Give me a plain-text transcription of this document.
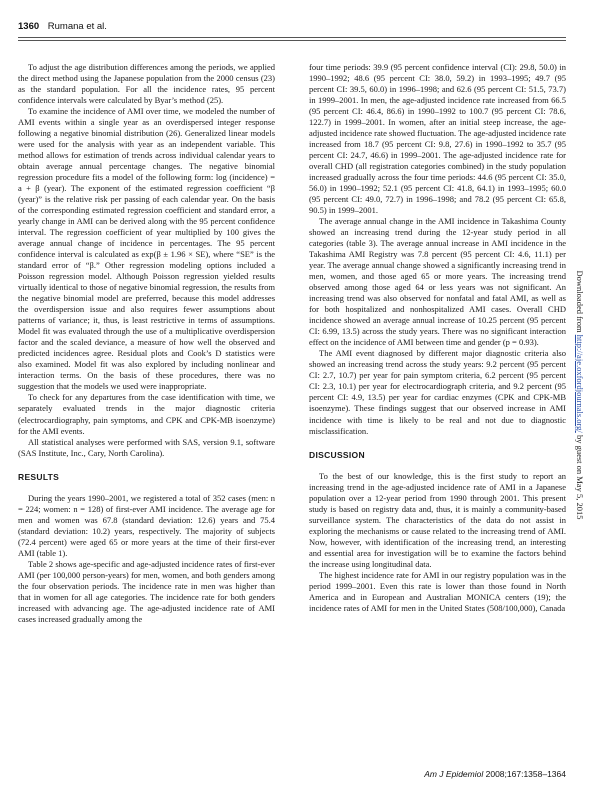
1360 Rumana et al.

To adjust the age distribution differences among the periods, we applied the direct method using the Japanese population from the 2000 census (23) as the standard population. For all the incidence rates, 95 percent confidence intervals were calculated by Byar’s method (25).

To examine the incidence of AMI over time, we modeled the number of AMI events within a single year as an overdispersed integer response following a negative binomial distribution (26). Generalized linear models were used for the analysis with year as an independent variable. This method allows for estimation of trends across individual calendar years to obtain average annual percentage changes. The negative binomial regression procedure fits a model of the following form: log (incidence) = a + β (year). The exponent of the estimated regression coefficient “β (year)” is the relative risk per passing of each calendar year. On the basis of the corresponding estimated regression coefficient and standard error, a yearly change in AMI can be derived along with the 95 percent confidence interval. The regression coefficient of year multiplied by 100 gives the average annual change of incidence in percentages. The 95 percent confidence interval is calculated as exp(β ± 1.96 × SE), where “SE” is the standard error of “β.” Other regression modeling options included a Poisson regression model. Although Poisson regression yielded results virtually identical to those of negative binomial regression, the results from the negative binomial model are preferred, because this model addresses the overdispersion issue and also requires fewer assumptions about patterns of variance; it, thus, is least restrictive in terms of assumptions. Model fit was evaluated through the use of a multiplicative overdispersion factor and the scaled deviance, a measure of how well the observed and predicted incidences agree. Residual plots and Cook’s D statistics were also examined. Model fit was also explored by including nonlinear and interaction terms. On the basis of these procedures, there was no suggestion that the models we used were inappropriate.

To check for any departures from the case identification with time, we separately evaluated trends in the major diagnostic criteria (electrocardiography, pain symptoms, and CPK and CPK-MB isoenzyme) for the AMI events.

All statistical analyses were performed with SAS, version 9.1, software (SAS Institute, Inc., Cary, North Carolina).

RESULTS

During the years 1990–2001, we registered a total of 352 cases (men: n = 224; women: n = 128) of first-ever AMI incidence. The average age for men and women was 67.8 (standard deviation: 12.6) years and 75.4 (standard deviation: 10.2) years, respectively. The majority of subjects (72.4 percent) were aged 65 or more years at the time of their first-ever AMI (table 1).

Table 2 shows age-specific and age-adjusted incidence rates of first-ever AMI (per 100,000 person-years) for men, women, and both genders among the four observation periods. The incidence rate in men was higher than that in women for all age categories. The incidence rate for both genders increased with advancing age. The age-adjusted incidence rate of AMI cases increased gradually among the

four time periods: 39.9 (95 percent confidence interval (CI): 29.8, 50.0) in 1990–1992; 48.6 (95 percent CI: 38.0, 59.2) in 1993–1995; 49.7 (95 percent CI: 39.5, 60.0) in 1996–1998; and 62.6 (95 percent CI: 51.5, 73.7) in 1999–2001. In men, the age-adjusted incidence rate increased from 66.5 (95 percent CI: 46.4, 86.6) in 1990–1992 to 100.7 (95 percent CI: 78.6, 122.7) in 1999–2001. In women, after an initial steep increase, the age-adjusted incidence rate showed fluctuation. The age-adjusted incidence rate increased from 18.7 (95 percent CI: 9.8, 27.6) in 1990–1992 to 35.7 (95 percent CI: 24.7, 46.6) in 1999–2001. The age-adjusted incidence rate for overall CHD (all registration categories combined) in the study population increased gradually across the four time periods: 44.6 (95 percent CI: 35.0, 56.0) in 1990–1992; 52.1 (95 percent CI: 41.8, 64.1) in 1993–1995; 60.0 (95 percent CI: 49.0, 72.7) in 1996–1998; and 78.2 (95 percent CI: 65.8, 90.5) in 1999–2001.

The average annual change in the AMI incidence in Takashima County showed an increasing trend during the 12-year study period in all categories (table 3). The average annual increase in AMI incidence in the Takashima AMI Registry was 7.8 percent (95 percent CI: 4.6, 11.1) per year. The average annual change showed a significantly increasing trend in men, women, and those aged 65 or more years. The increasing trend observed among those aged 64 or less years was not significant. An increasing trend was also observed for nonfatal and fatal AMI, as well as for both hospitalized and nonhospitalized AMI cases. Overall CHD incidence showed an average annual increase of 10.25 percent (95 percent CI: 6.99, 13.5) across the study years. There was no significant interaction effect on the incidence of AMI between time and gender (p = 0.93).

The AMI event diagnosed by different major diagnostic criteria also showed an increasing trend across the study years: 9.2 percent (95 percent CI: 2.7, 10.7) per year for pain symptom criteria, 6.2 percent (95 percent CI: 2.3, 10.1) per year for electrocardiograph criteria, and 9.2 percent (95 percent CI: 4.9, 13.5) per year for cardiac enzymes (CPK and CPK-MB isoenzyme). These findings suggest that our observed increase in AMI incidence with time is likely to be real and not due to diagnostic misclassification.

DISCUSSION

To the best of our knowledge, this is the first study to report an increasing trend in the age-adjusted incidence rate of AMI in a Japanese population over a 12-year period from 1990 through 2001. This present study is based on registry data and, thus, it is mainly a community-based surveillance system. The characteristics of the data do not assist in exploring the mechanisms or cause related to the increasing trend of AMI. Now, however, with identification of the increasing trend, an interesting and essential area for investigation will be to examine the factors behind the increase using longitudinal data.

The highest incidence rate for AMI in our registry population was in the period 1999–2001. Even this rate is lower than those found in North America and in European and Australian MONICA centers (19); the incidence rates of AMI for men in the United States (508/100,000), Canada

Am J Epidemiol 2008;167:1358–1364
Downloaded from http://aje.oxfordjournals.org/ by guest on May 5, 2015
